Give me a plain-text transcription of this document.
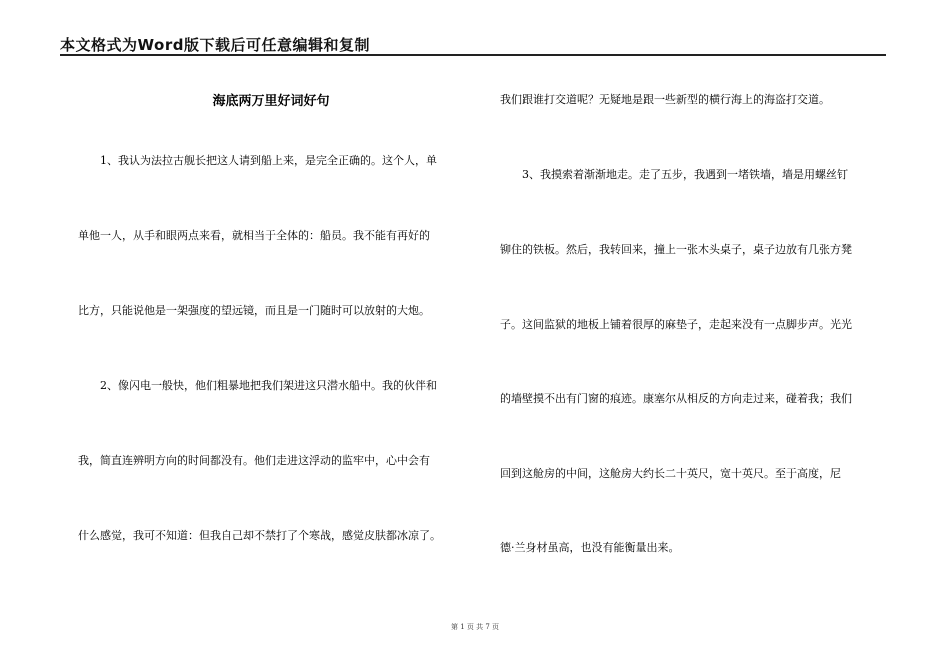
本文格式为Word版下载后可任意编辑和复制
海底两万里好词好句
1、我认为法拉古舰长把这人请到船上来，是完全正确的。这个人，单
单他一人，从手和眼两点来看，就相当于全体的：船员。我不能有再好的
比方，只能说他是一架强度的望远镜，而且是一门随时可以放射的大炮。
2、像闪电一般快，他们粗暴地把我们架进这只潜水船中。我的伙伴和
我，简直连辨明方向的时间都没有。他们走进这浮动的监牢中，心中会有
什么感觉，我可不知道：但我自己却不禁打了个寒战，感觉皮肤都冰凉了。
我们跟谁打交道呢？无疑地是跟一些新型的横行海上的海盗打交道。
3、我摸索着渐渐地走。走了五步，我遇到一堵铁墙，墙是用螺丝钉
铆住的铁板。然后，我转回来，撞上一张木头桌子，桌子边放有几张方凳
子。这间监狱的地板上铺着很厚的麻垫子，走起来没有一点脚步声。光光
的墙壁摸不出有门窗的痕迹。康塞尔从相反的方向走过来，碰着我；我们
回到这舱房的中间，这舱房大约长二十英尺，宽十英尺。至于高度，尼
德·兰身材虽高，也没有能衡量出来。
第 1 页 共 7 页
